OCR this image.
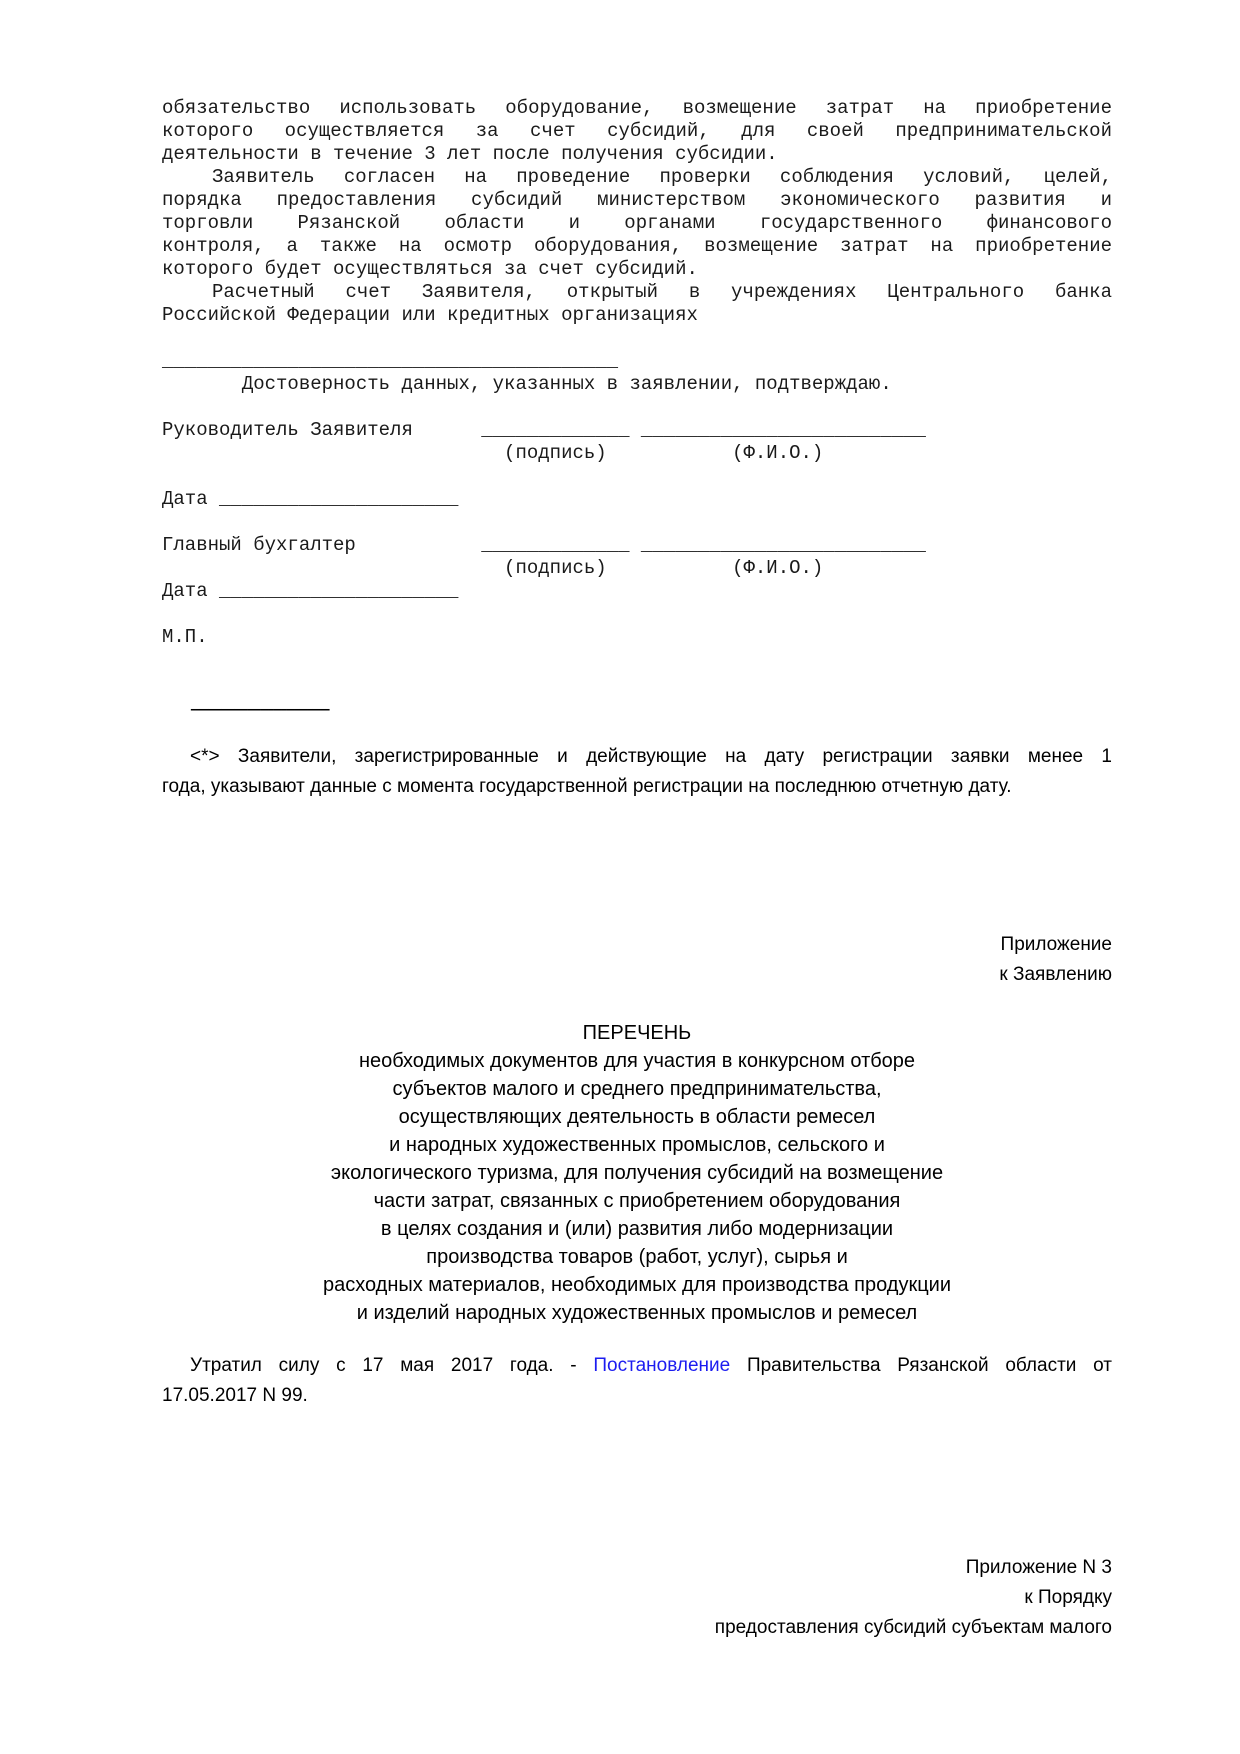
обязательство использовать оборудование, возмещение затрат на приобретение
которого осуществляется за счет субсидий, для своей предпринимательской
деятельности в течение 3 лет после получения субсидии.
Заявитель согласен на проведение проверки соблюдения условий, целей,
порядка предоставления субсидий министерством экономического развития и
торговли Рязанской области и органами государственного финансового
контроля, а также на осмотр оборудования, возмещение затрат на приобретение
которого будет осуществляться за счет субсидий.
Расчетный счет Заявителя, открытый в учреждениях Центрального банка
Российской Федерации или кредитных организациях
________________________________________
Достоверность данных, указанных в заявлении, подтверждаю.
Руководитель Заявителя      _____________ _________________________
(подпись)           (Ф.И.О.)
Дата _____________________
Главный бухгалтер           _____________ _________________________
(подпись)           (Ф.И.О.)
Дата _____________________
М.П.
--------------------------------
<*> Заявители, зарегистрированные и действующие на дату регистрации заявки менее 1
года, указывают данные с момента государственной регистрации на последнюю отчетную дату.
Приложение
к Заявлению
ПЕРЕЧЕНЬ
необходимых документов для участия в конкурсном отборе
субъектов малого и среднего предпринимательства,
осуществляющих деятельность в области ремесел
и народных художественных промыслов, сельского и
экологического туризма, для получения субсидий на возмещение
части затрат, связанных с приобретением оборудования
в целях создания и (или) развития либо модернизации
производства товаров (работ, услуг), сырья и
расходных материалов, необходимых для производства продукции
и изделий народных художественных промыслов и ремесел
Утратил силу с 17 мая 2017 года. - Постановление Правительства Рязанской области от
17.05.2017 N 99.
Приложение N 3
к Порядку
предоставления субсидий субъектам малого
